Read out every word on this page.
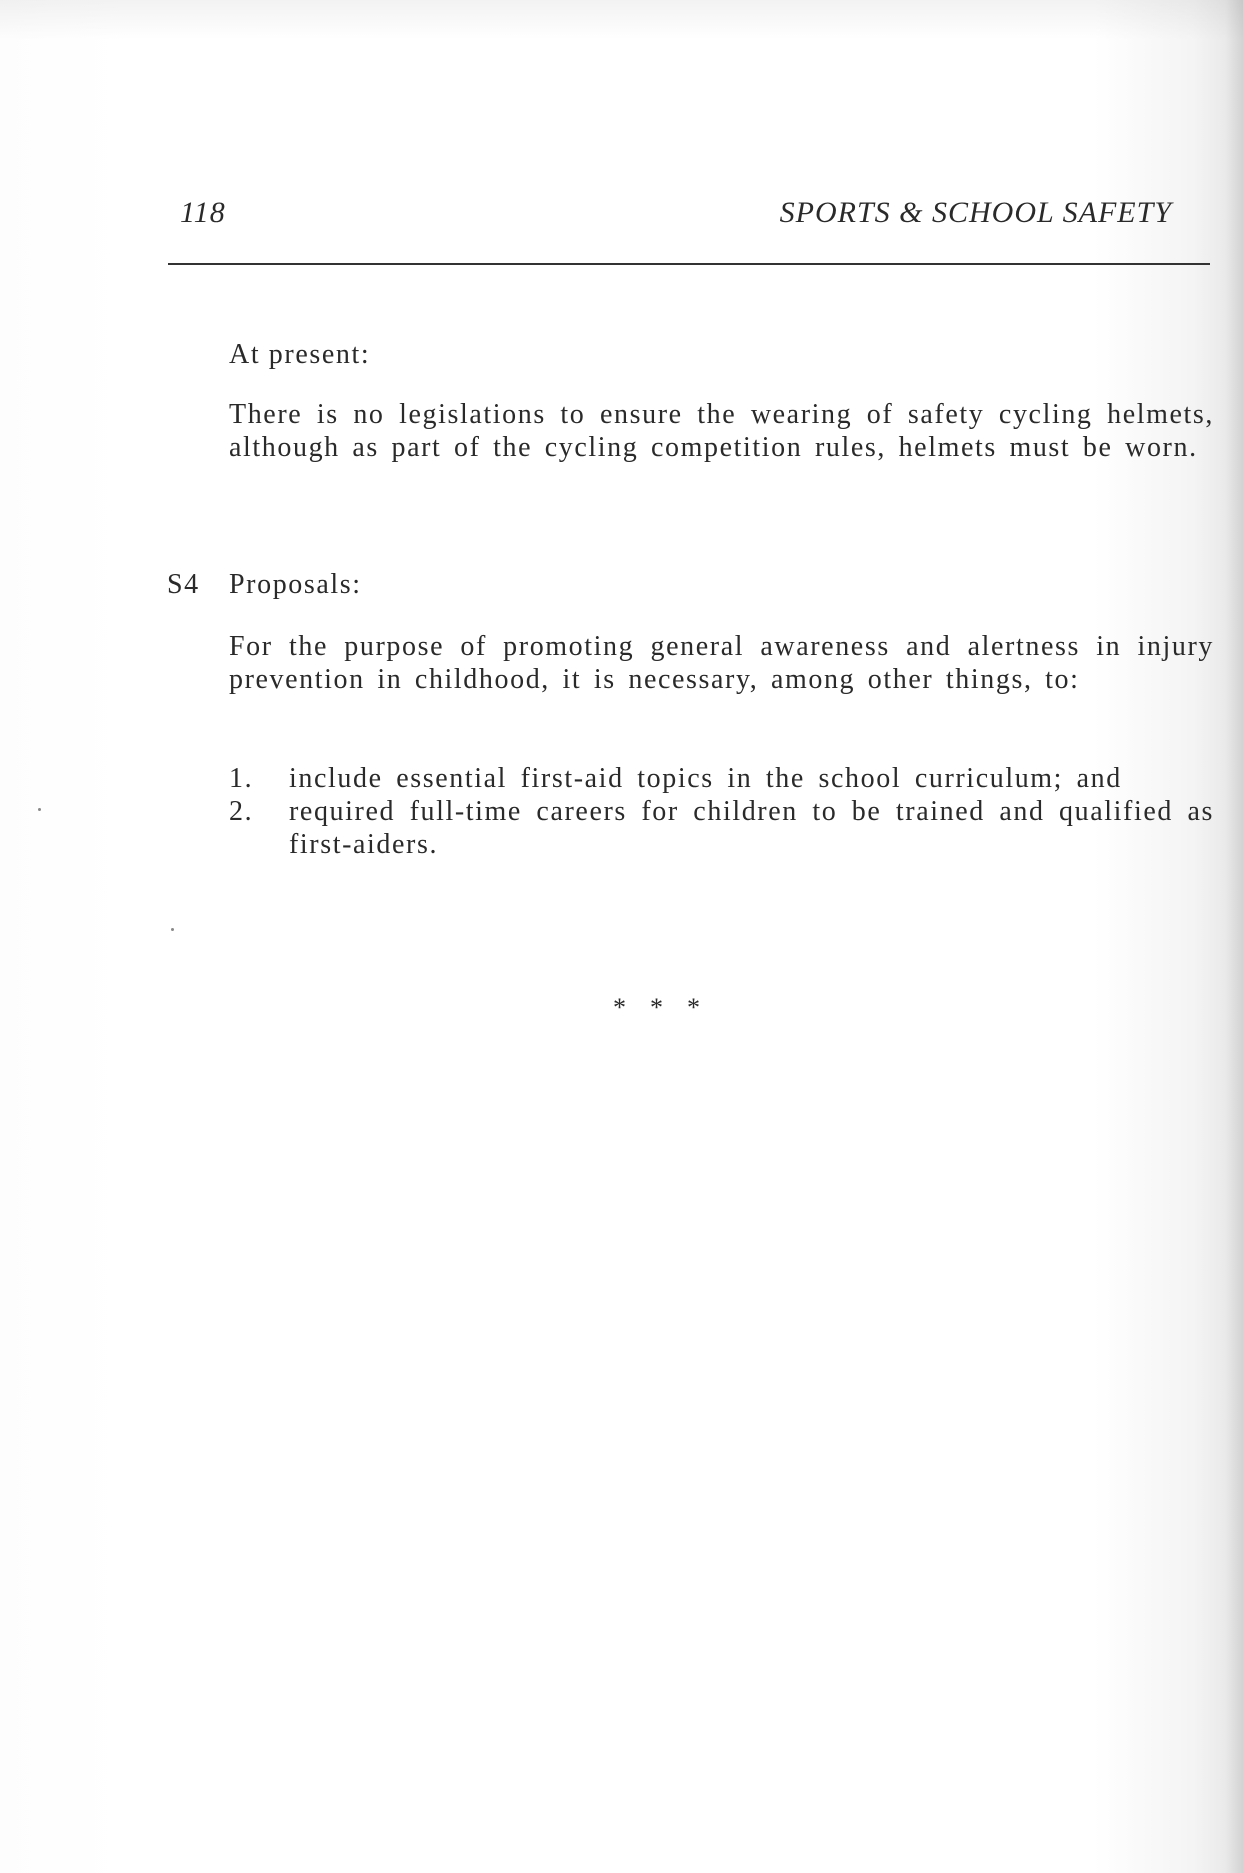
118	SPORTS & SCHOOL SAFETY
At present:
There is no legislations to ensure the wearing of safety cycling helmets, although as part of the cycling competition rules, helmets must be worn.
S4 Proposals:
For the purpose of promoting general awareness and alertness in injury prevention in childhood, it is necessary, among other things, to:
1.	include essential first-aid topics in the school curriculum; and
2.	required full-time careers for children to be trained and qualified as first-aiders.
* * *
